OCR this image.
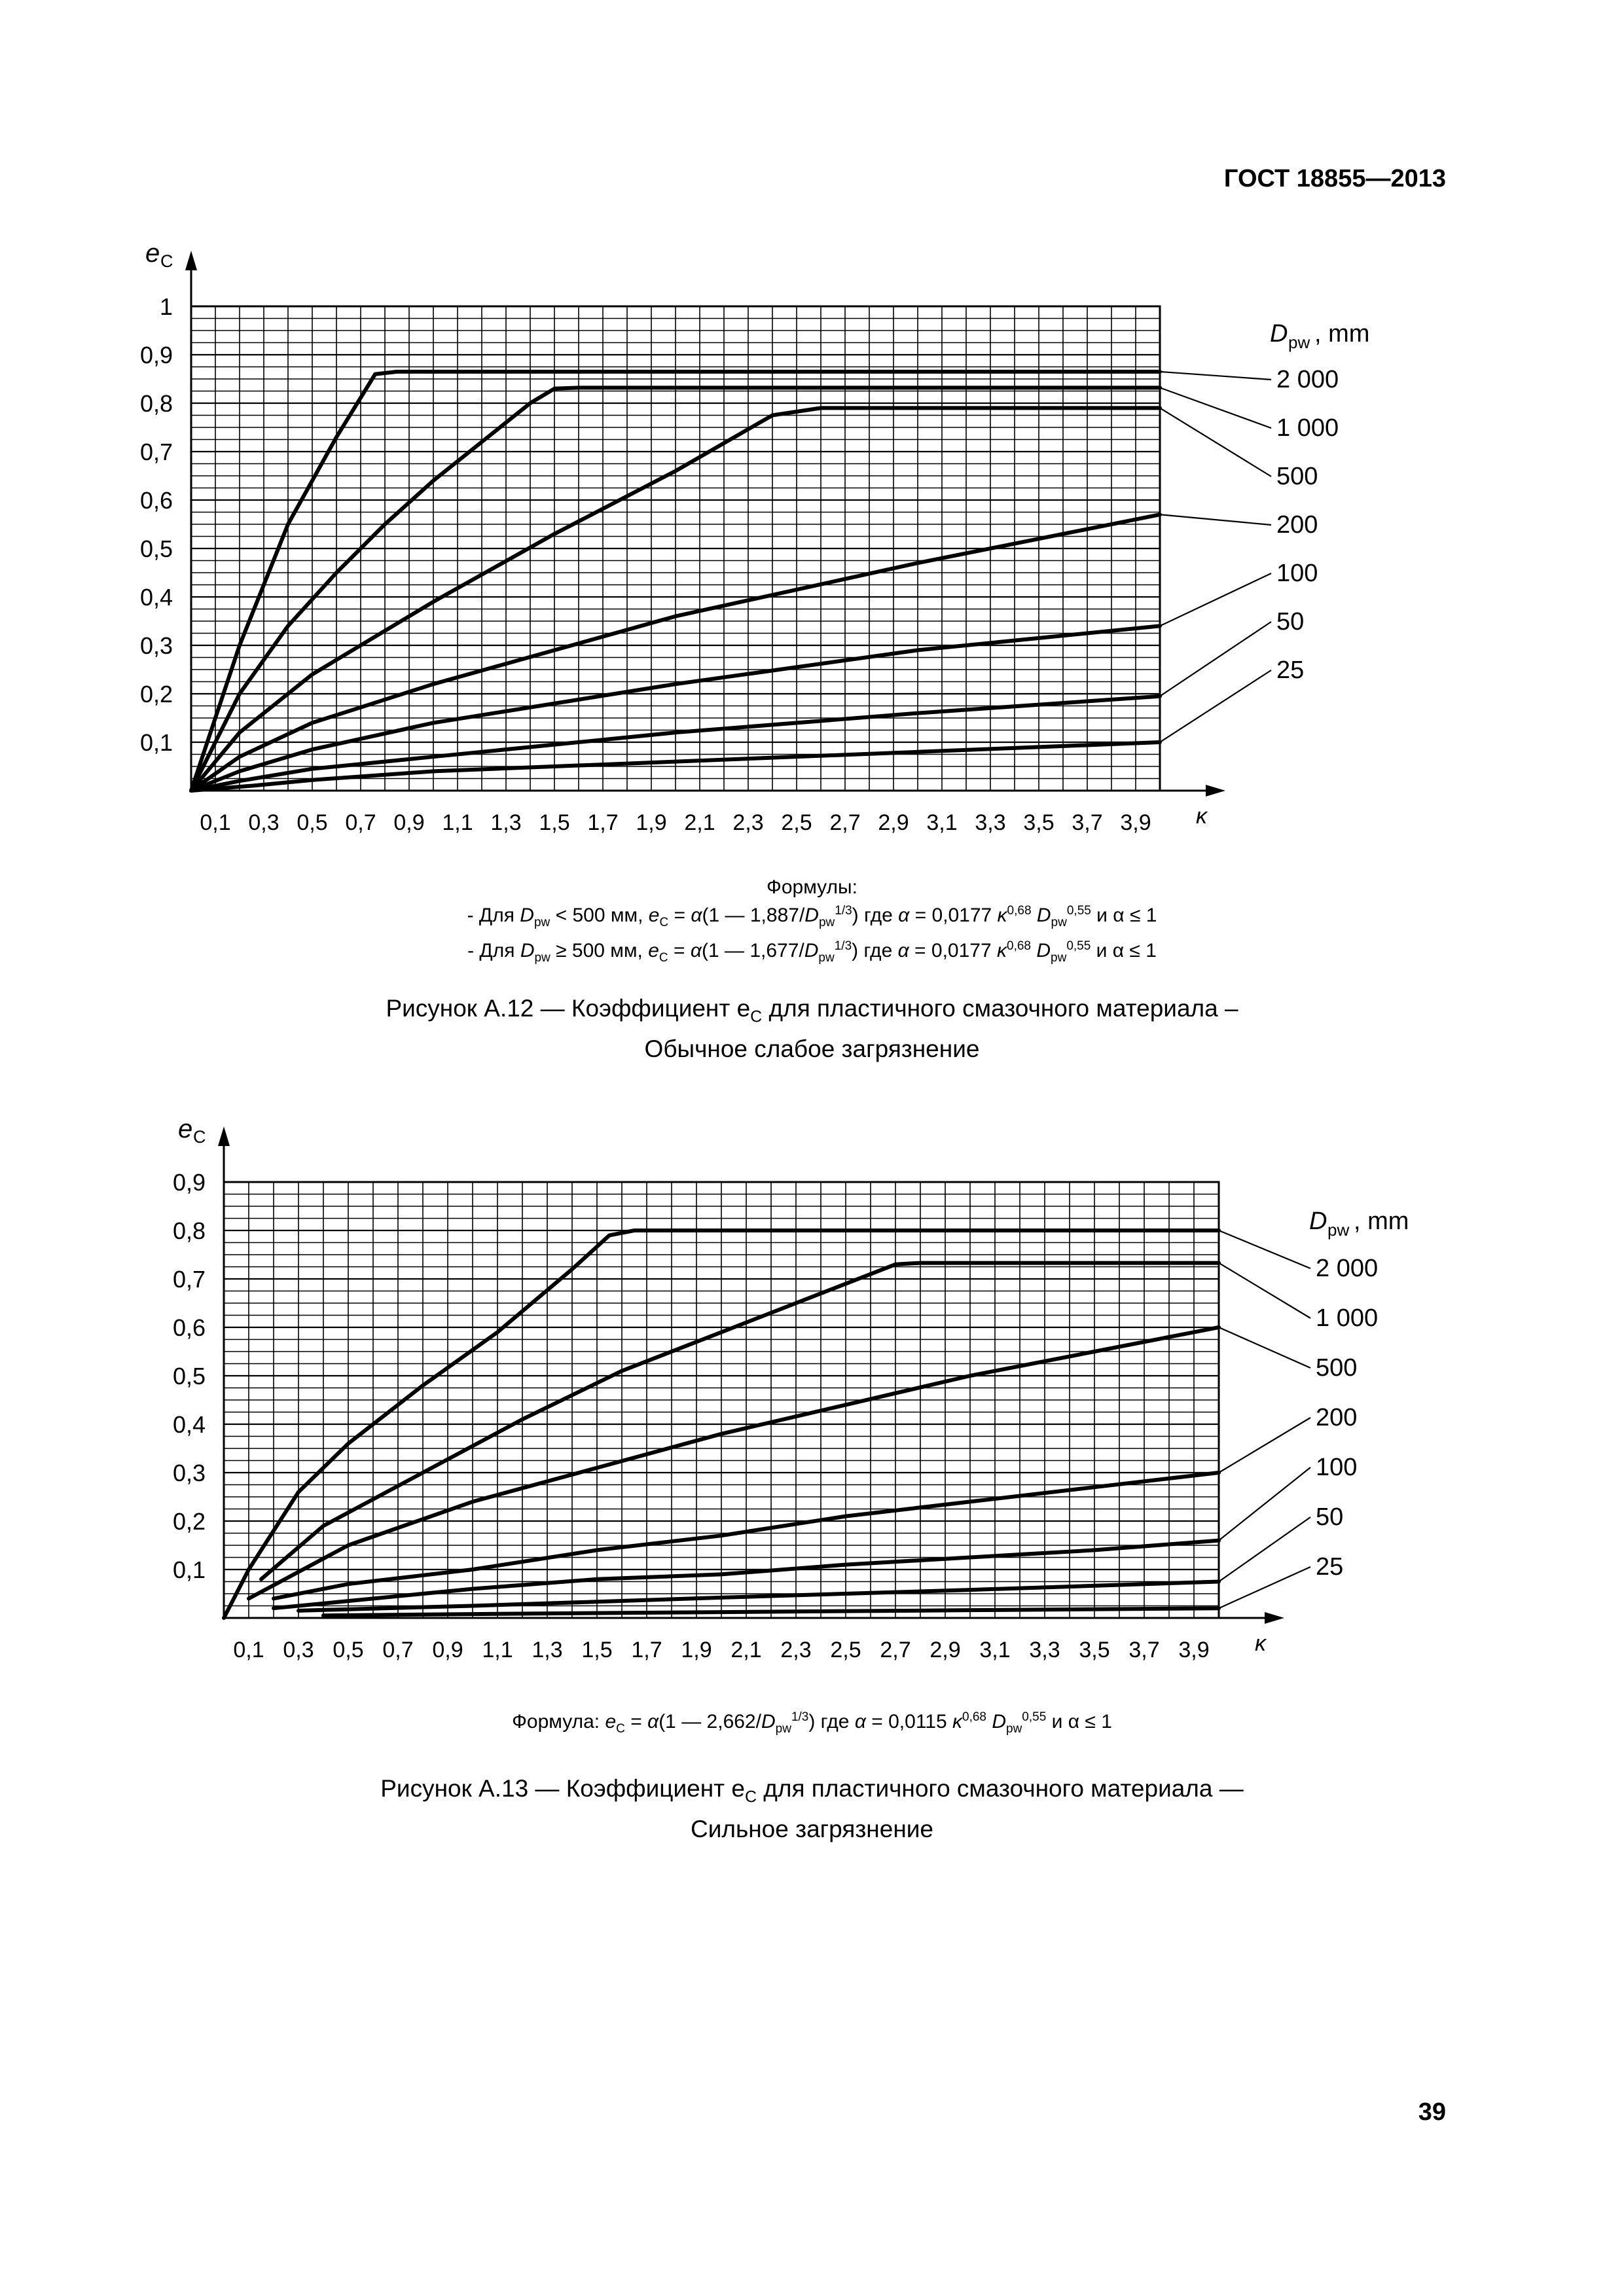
ГОСТ 18855—2013
e C
κ
0,1
0,2
0,3
0,4
0,5
0,6
0,7
0,8
0,9
1
0,1 0,3 0,5 0,7 0,9 1,1 1,3 1,5 1,7 1,9 2,1 2,3 2,5 2,7 2,9 3,1 3,3 3,5 3,7 3,9
D pw , mm
2 000
1 000
500
200
100
50
25
Формулы:
- Для $D_{pw} < 500$ мм, $e_C = \alpha(1$ — $1,887/D_{pw}^{1/3}$) где α = 0,0177 $\kappa^{0,68}$ $D_{pw}^{0,55}$ и α ≤ 1
- Для $D_{pw} \ge 500$ мм, $e_C = \alpha(1$ — $1,677/D_{pw}^{1/3}$) где α = 0,0177 $\kappa^{0,68}$ $D_{pw}^{0,55}$ и α ≤ 1
Рисунок А.12 — Коэффициент $e_C$ для пластичного смазочного материала –
Обычное слабое загрязнение
e C
κ
0,1
0,2
0,3
0,4
0,5
0,6
0,7
0,8
0,9
0,1 0,3 0,5 0,7 0,9 1,1 1,3 1,5 1,7 1,9 2,1 2,3 2,5 2,7 2,9 3,1 3,3 3,5 3,7 3,9
D pw , mm
2 000
1 000
500
200
100
50
25
Формула: $e_C = \alpha(1$ — $2,662/D_{pw}^{1/3}$) где α = 0,0115 $\kappa^{0,68}$ $D_{pw}^{0,55}$ и α ≤ 1
Рисунок А.13 — Коэффициент $e_C$ для пластичного смазочного материала —
Сильное загрязнение
39
